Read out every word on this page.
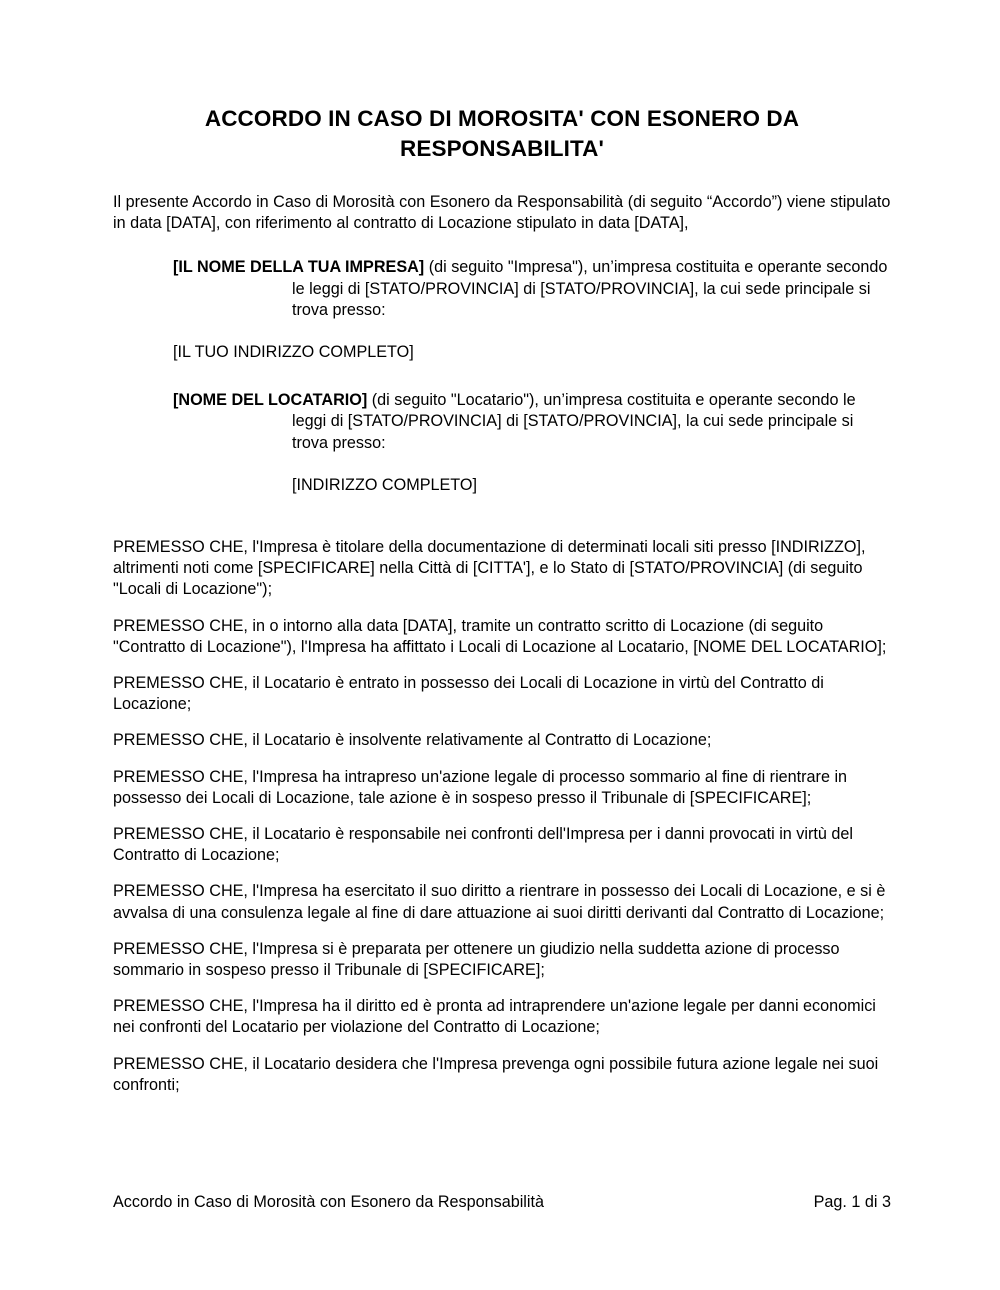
ACCORDO IN CASO DI MOROSITA' CON ESONERO DA RESPONSABILITA'

Il presente Accordo in Caso di Morosità con Esonero da Responsabilità (di seguito “Accordo”) viene stipulato in data [DATA], con riferimento al contratto di Locazione stipulato in data [DATA],

[IL NOME DELLA TUA IMPRESA] (di seguito "Impresa"), un’impresa costituita e operante secondo le leggi di [STATO/PROVINCIA] di [STATO/PROVINCIA], la cui sede principale si trova presso:
[IL TUO INDIRIZZO COMPLETO]
[NOME DEL LOCATARIO] (di seguito "Locatario"), un’impresa costituita e operante secondo le leggi di [STATO/PROVINCIA] di [STATO/PROVINCIA], la cui sede principale si trova presso:
[INDIRIZZO COMPLETO]

PREMESSO CHE, l'Impresa è titolare della documentazione di determinati locali siti presso [INDIRIZZO], altrimenti noti come [SPECIFICARE] nella Città di [CITTA'], e lo Stato di [STATO/PROVINCIA] (di seguito "Locali di Locazione");

PREMESSO CHE, in o intorno alla data [DATA], tramite un contratto scritto di Locazione (di seguito "Contratto di Locazione"), l'Impresa ha affittato i Locali di Locazione al Locatario, [NOME DEL LOCATARIO];

PREMESSO CHE, il Locatario è entrato in possesso dei Locali di Locazione in virtù del Contratto di Locazione;

PREMESSO CHE, il Locatario è insolvente relativamente al Contratto di Locazione;

PREMESSO CHE, l'Impresa ha intrapreso un'azione legale di processo sommario al fine di rientrare in possesso dei Locali di Locazione, tale azione è in sospeso presso il Tribunale di [SPECIFICARE];

PREMESSO CHE, il Locatario è responsabile nei confronti dell'Impresa per i danni provocati in virtù del Contratto di Locazione;

PREMESSO CHE, l'Impresa ha esercitato il suo diritto a rientrare in possesso dei Locali di Locazione, e si è avvalsa di una consulenza legale al fine di dare attuazione ai suoi diritti derivanti dal Contratto di Locazione;

PREMESSO CHE, l'Impresa si è preparata per ottenere un giudizio nella suddetta azione di processo sommario in sospeso presso il Tribunale di [SPECIFICARE];

PREMESSO CHE, l'Impresa ha il diritto ed è pronta ad intraprendere un'azione legale per danni economici nei confronti del Locatario per violazione del Contratto di Locazione;

PREMESSO CHE, il Locatario desidera che l'Impresa prevenga ogni possibile futura azione legale nei suoi confronti;

Accordo in Caso di Morosità con Esonero da Responsabilità	Pag. 1 di 3
